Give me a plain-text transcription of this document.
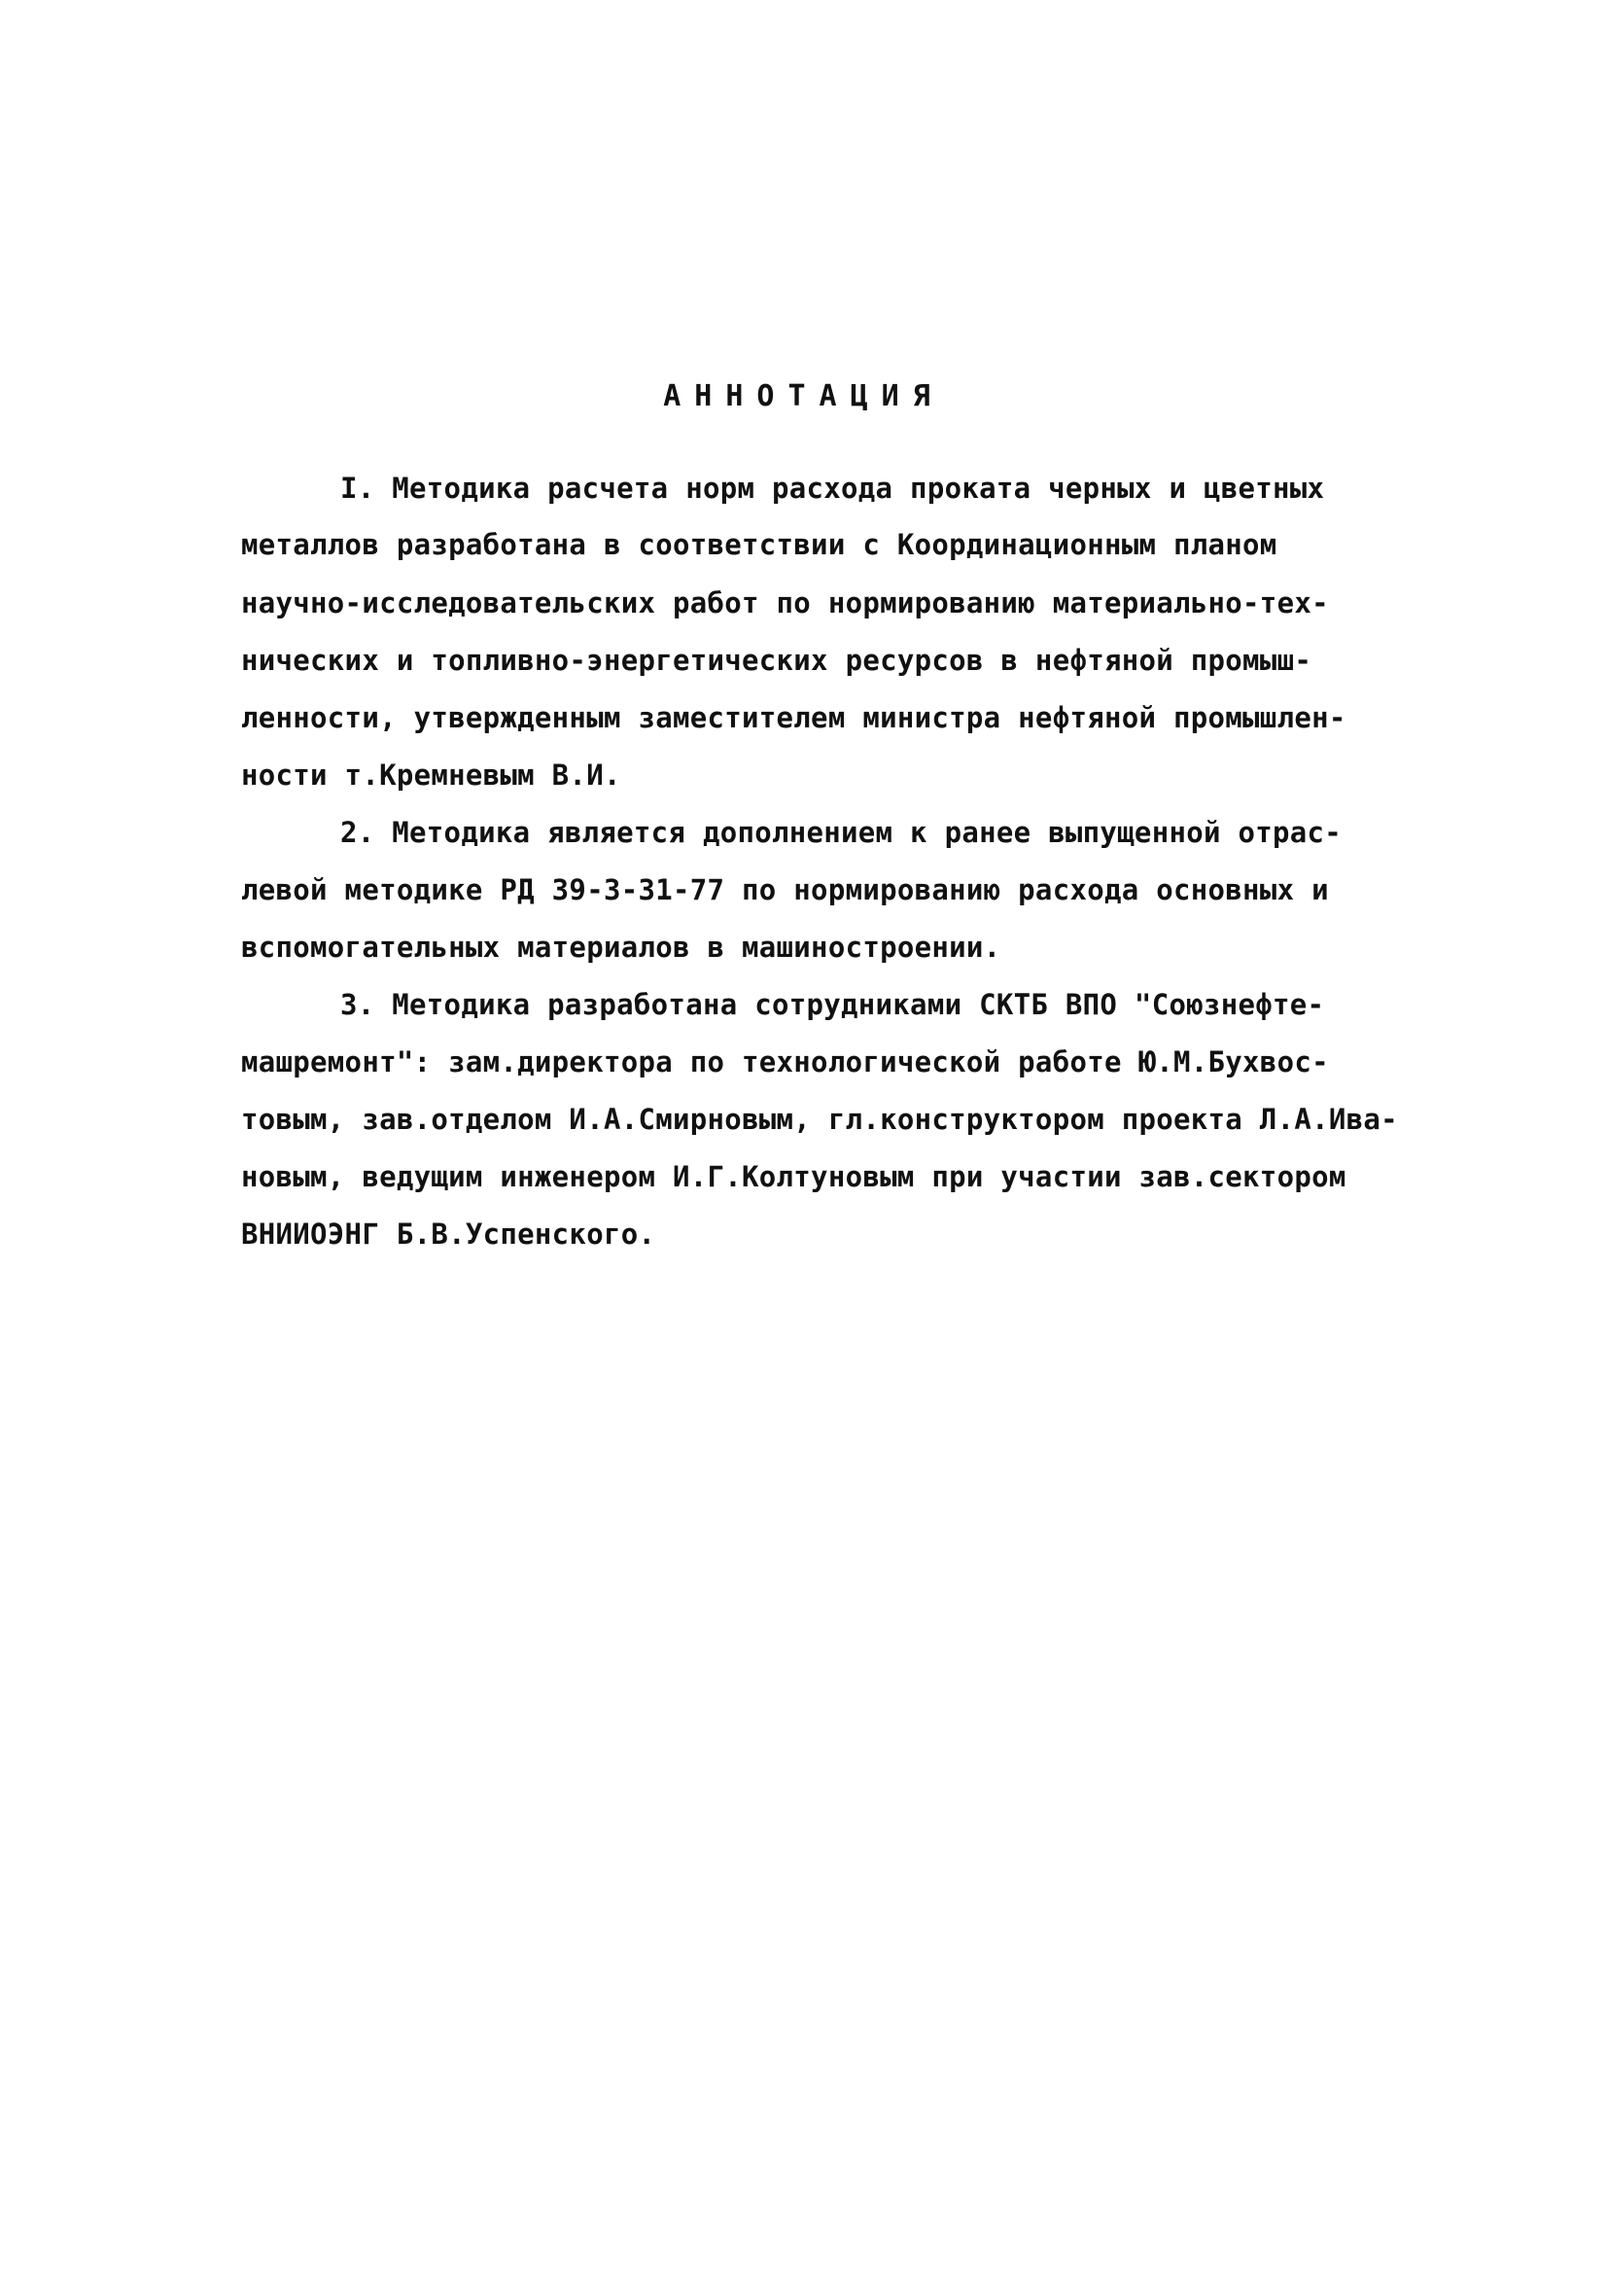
АННОТАЦИЯ
I. Методика расчета норм расхода проката черных и цветных
металлов разработана в соответствии с Координационным планом
научно-исследовательских работ по нормированию материально-тех-
нических и топливно-энергетических ресурсов в нефтяной промыш-
ленности, утвержденным заместителем министра нефтяной промышлен-
ности т.Кремневым В.И.
2. Методика является дополнением к ранее выпущенной отрас-
левой методике РД 39-3-31-77 по нормированию расхода основных и
вспомогательных материалов в машиностроении.
3. Методика разработана сотрудниками СКТБ ВПО "Союзнефте-
машремонт": зам.директора по технологической работе Ю.М.Бухвос-
товым, зав.отделом И.А.Смирновым, гл.конструктором проекта Л.А.Ива-
новым, ведущим инженером И.Г.Колтуновым при участии зав.сектором
ВНИИОЭНГ Б.В.Успенского.
